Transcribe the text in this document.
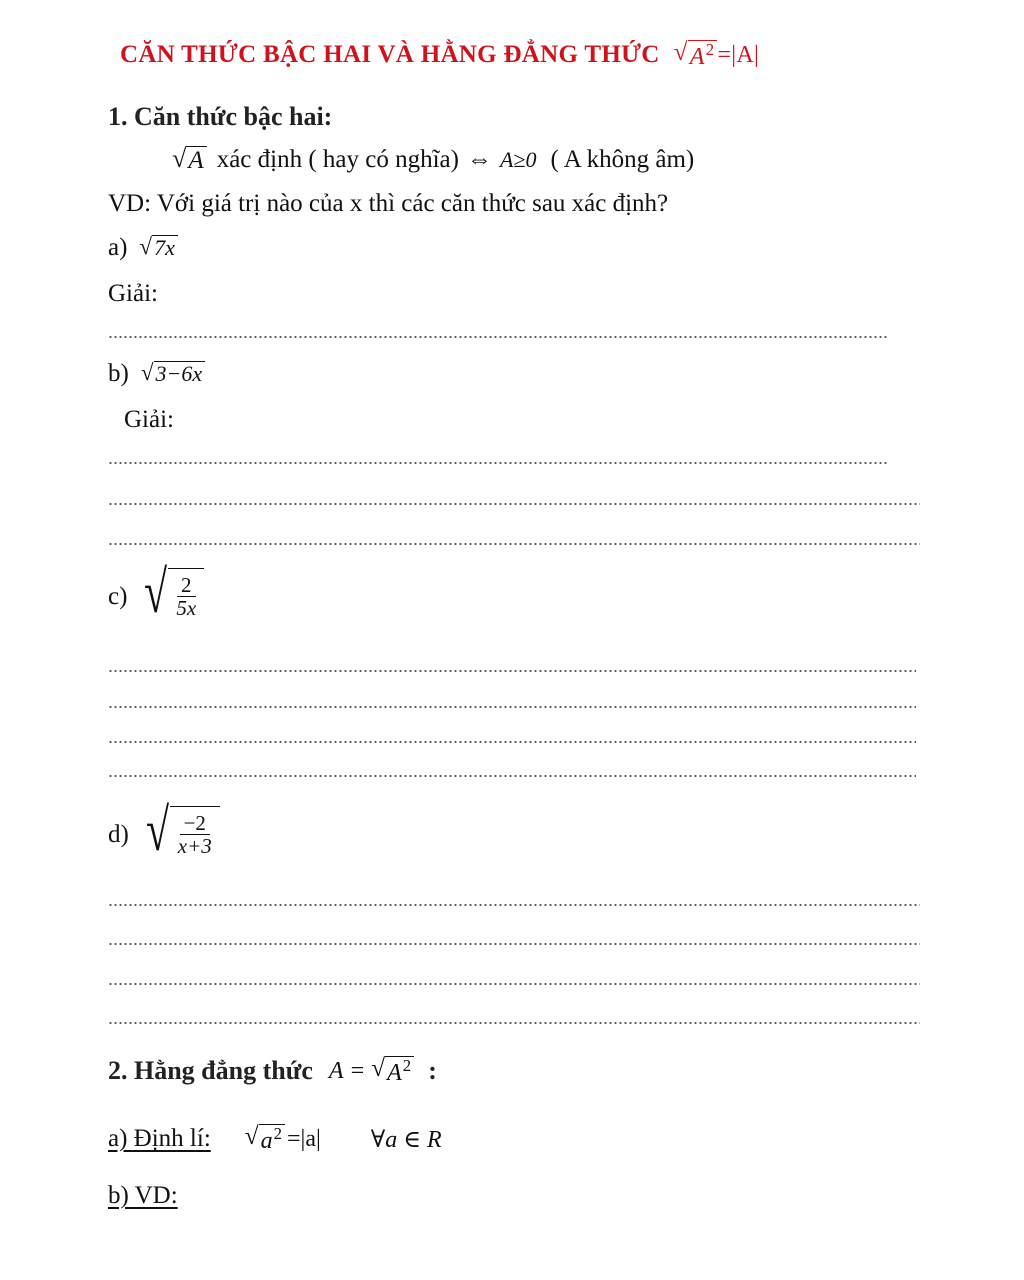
CĂN THỨC BẬC HAI VÀ HẰNG ĐẲNG THỨC √ $A^2 =|A|$
1. Căn thức bậc hai:
√ A xác định ( hay có nghĩa) ⇔ A≥0 ( A không âm)
VD: Với giá trị nào của x thì các căn thức sau xác định?
a) √ 7x
Giải:
b) √ 3−6x
Giải:
c) √ $\frac{2}{5x}$
d) √ $\frac{-2}{x+3}$
2. Hằng đẳng thức A = √ $A^2$ :
a) Định lí: √ $a^2 =|a|$ ∀a ∈ R
b) VD:
